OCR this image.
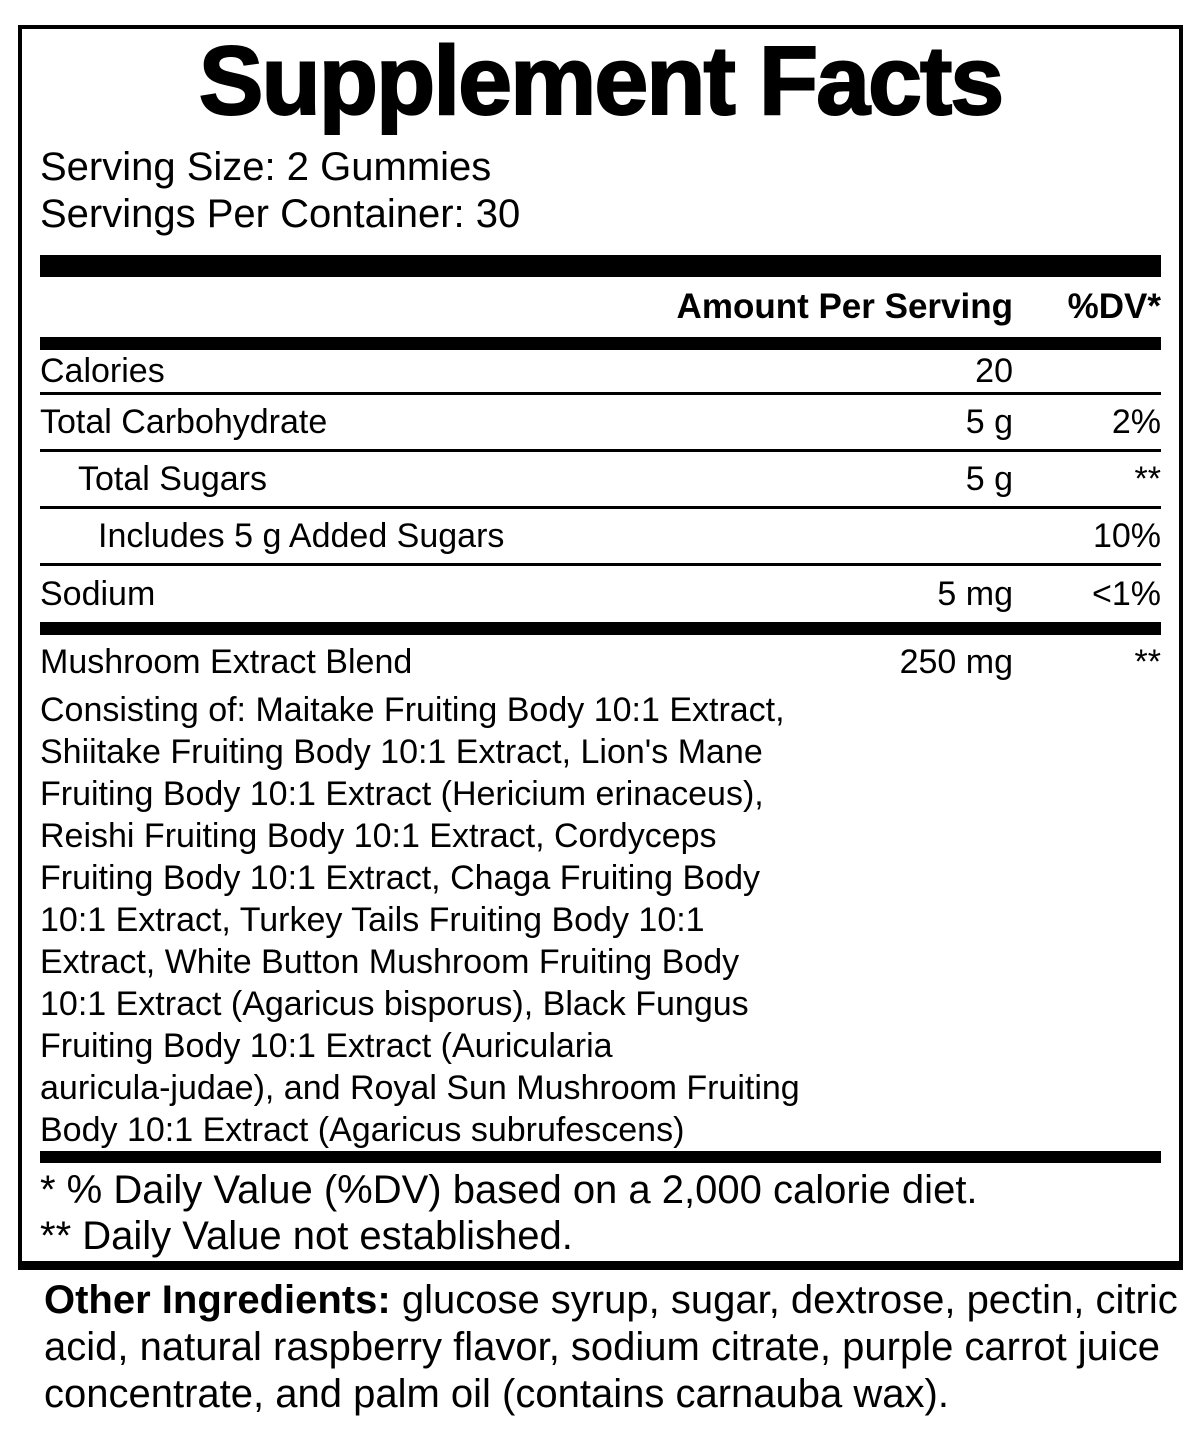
Supplement Facts
Serving Size: 2 Gummies
Servings Per Container: 30
Amount Per Serving	%DV*
Calories	20
Total Carbohydrate	5 g	2%
Total Sugars	5 g	**
Includes 5 g Added Sugars	10%
Sodium	5 mg	<1%
Mushroom Extract Blend	250 mg	**
Consisting of: Maitake Fruiting Body 10:1 Extract,
Shiitake Fruiting Body 10:1 Extract, Lion's Mane
Fruiting Body 10:1 Extract (Hericium erinaceus),
Reishi Fruiting Body 10:1 Extract, Cordyceps
Fruiting Body 10:1 Extract, Chaga Fruiting Body
10:1 Extract, Turkey Tails Fruiting Body 10:1
Extract, White Button Mushroom Fruiting Body
10:1 Extract (Agaricus bisporus), Black Fungus
Fruiting Body 10:1 Extract (Auricularia
auricula-judae), and Royal Sun Mushroom Fruiting
Body 10:1 Extract (Agaricus subrufescens)
* % Daily Value (%DV) based on a 2,000 calorie diet.
** Daily Value not established.
Other Ingredients: glucose syrup, sugar, dextrose, pectin, citric
acid, natural raspberry flavor, sodium citrate, purple carrot juice
concentrate, and palm oil (contains carnauba wax).
